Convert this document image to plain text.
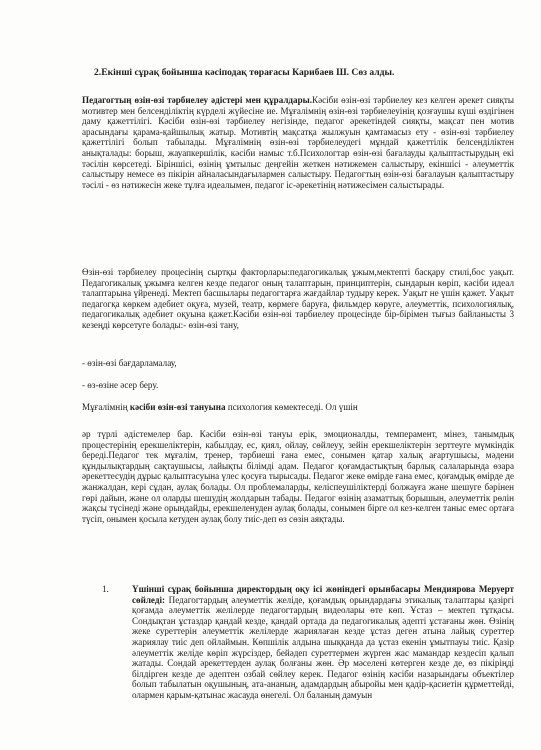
2.Екінші сұрақ бойынша кәсіподақ төрағасы Карибаев Ш. Сөз алды.

Педагогтың өзін-өзі тәрбиелеу әдістері мен құралдары.Кәсіби өзін-өзі тәрбиелеу кез келген әрекет сияқты мотивтер мен белсенділіктің күрделі жүйесіне ие. Мұғалімнің өзін-өзі тәрбиелеуінің қозғаушы күші өздігінен даму қажеттілігі. Кәсіби өзін-өзі тәрбиелеу негізінде, педагог әрекетіндей сияқты, мақсат пен мотив арасындағы қарама-қайшылық жатыр. Мотивтің мақсатқа жылжуын қамтамасыз ету - өзін-өзі тәрбиелеу қажеттілігі болып табылады. Мұғалімнің өзін-өзі тәрбиелеудегі мұндай қажеттілік белсенділіктен анықталады: борыш, жауапкершілік, кәсіби намыс т.б.Психологтар өзін-өзі бағалауды қалыптастырудың екі тәсілін көрсетеді. Біріншісі, өзінің ұмтылыс деңгейін жеткен нәтижемен салыстыру, екіншісі - әлеуметтік салыстыру немесе өз пікірін айналасындағылармен салыстыру. Педагогтың өзін-өзі бағалауын қалыптастыру тәсілі - өз нәтижесін жеке тұлға идеалымен, педагог іс-әрекетінің нәтижесімен салыстырады.

Өзін-өзі тәрбиелеу процесінің сыртқы факторлары:педагогикалық ұжым,мектепті басқару стилі,бос уақыт. Педагогикалық ұжымға келген кезде педагог оның талаптарын, принциптерін, сындарын көріп, кәсіби идеал талаптарына үйренеді. Мектеп басшылары педагогтарға жағдайлар тудыру керек. Уақыт не үшін қажет. Уақыт педагогқа көркем әдебиет оқуға, музей, театр, көрмеге баруға, фильмдер көруге, әлеуметтік, психологиялық, педагогикалық әдебиет оқуына қажет.Кәсіби өзін-өзі тәрбиелеу процесінде бір-бірімен тығыз байланысты 3 кезеңді көрсетуге болады:- өзін-өзі тану,

- өзін-өзі бағдарламалау,

- өз-өзіне әсер беру.

Мұғалімнің кәсіби өзін-өзі тануына психология көмектеседі. Ол үшін

әр түрлі әдістемелер бар. Кәсіби өзін-өзі тануы ерік, эмоционалды, темперамент, мінез, танымдық процестерінің ерекшеліктерін, кабылдау, ес, қиял, ойлау, сөйлеуу, зейін ерекшеліктерін зерттеуге мүмкіндік береді.Педагог тек мұғалім, тренер, тәрбиеші ғана емес, сонымен қатар халық ағартушысы, мәдени құндылықтардың сақтаушысы, лайықты білімді адам. Педагог қоғамдастықтың барлық салаларында өзара әрекеттесудің дұрыс қалыптасуына үлес қосуға тырысады. Педагог жеке өмірде ғана емес, қоғамдық өмірде де жанжалдан, кері сұдан, аулақ болады. Ол проблемаларды, келіспеушіліктерді болжауға және шешуге бәрінен гөрі дайын, және ол оларды шешудің жолдарын табады. Педагог өзінің азаматтық борышын, әлеуметтік рөлін жақсы түсінеді және орындайды, ерекшеленуден аулақ болады, сонымен бірге ол кез-келген таныс емес ортаға түсіп, онымен қосыла кетуден аулақ болу тиіс-деп өз сөзін аяқтады.

1.	Үшінші сұрақ бойынша директордың оқу ісі жөніндегі орынбасары Мендиярова Меруерт сөйледі: Педагогтардың әлеуметтік желіде, қоғамдық орындардағы этикалық талаптары қазіргі қоғамда әлеуметтік желілерде педагогтардың видеолары өте көп. Ұстаз – мектеп тұтқасы. Сондықтан ұстаздар қандай кезде, қандай ортада да педагогикалық әдепті ұстағаны жөн. Өзінің жеке суреттерін әлеуметтік желілерде жариялаған кезде ұстаз деген атына лайық суреттер жариялау тиіс деп ойлаймын. Көпшілік алдына шыққанда да ұстаз екенін ұмытпауы тиіс. Қазір әлеуметтік желіде көріп жүрсіздер, бейәдеп суреттермен жүрген жас мамандар кездесіп қалып жатады. Сондай әрекеттерден аулақ болғаны жөн. Әр мәселені көтерген кезде де, өз пікіріңді білдірген кезде де әдептен озбай сөйлеу керек. Педагог өзінің кәсіби назарындағы объектілер болып табылатын оқушының, ата-ананың, адамдардың абыройы мен қадір-қасиетін құрметтейді, олармен қарым-қатынас жасауда өнегелі. Ол баланың дамуын
